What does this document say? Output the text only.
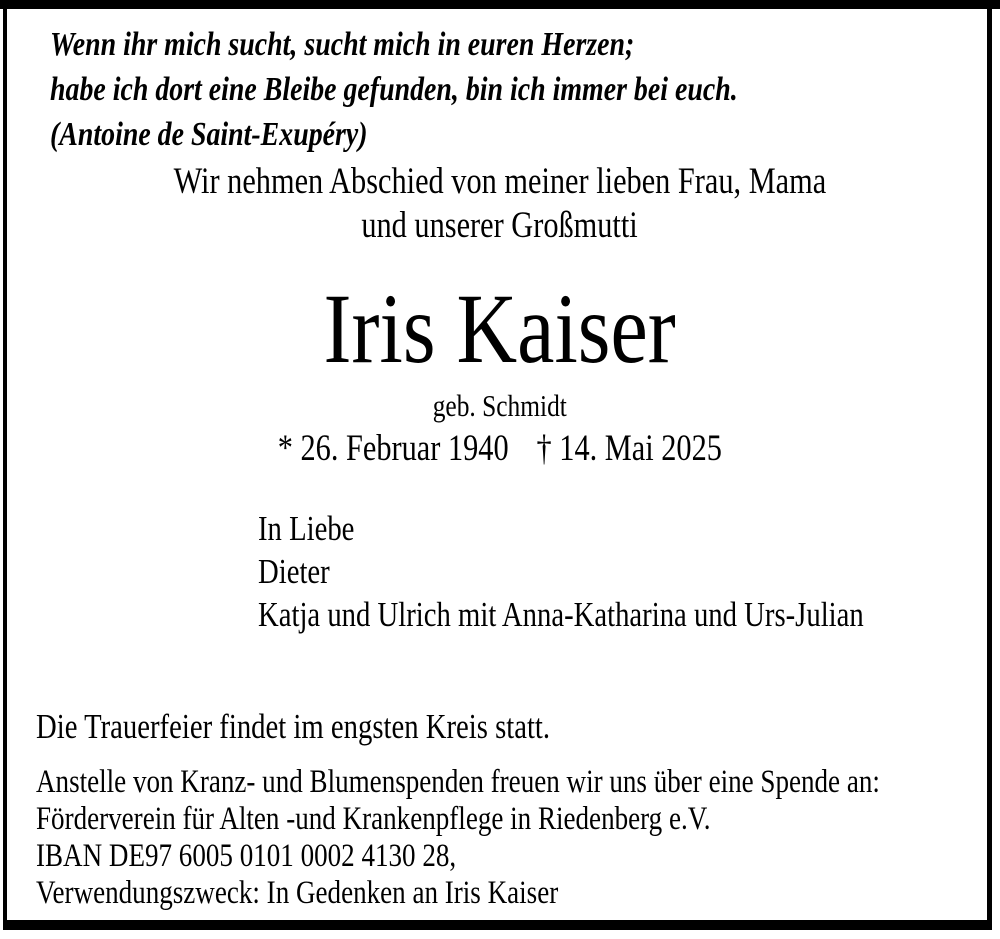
Wenn ihr mich sucht, sucht mich in euren Herzen;
habe ich dort eine Bleibe gefunden, bin ich immer bei euch.
(Antoine de Saint-Exupéry)
Wir nehmen Abschied von meiner lieben Frau, Mama
und unserer Großmutti
Iris Kaiser
geb. Schmidt
* 26. Februar 1940 † 14. Mai 2025
In Liebe
Dieter
Katja und Ulrich mit Anna-Katharina und Urs-Julian
Die Trauerfeier findet im engsten Kreis statt.
Anstelle von Kranz- und Blumenspenden freuen wir uns über eine Spende an:
Förderverein für Alten -und Krankenpflege in Riedenberg e.V.
IBAN DE97 6005 0101 0002 4130 28,
Verwendungszweck: In Gedenken an Iris Kaiser
